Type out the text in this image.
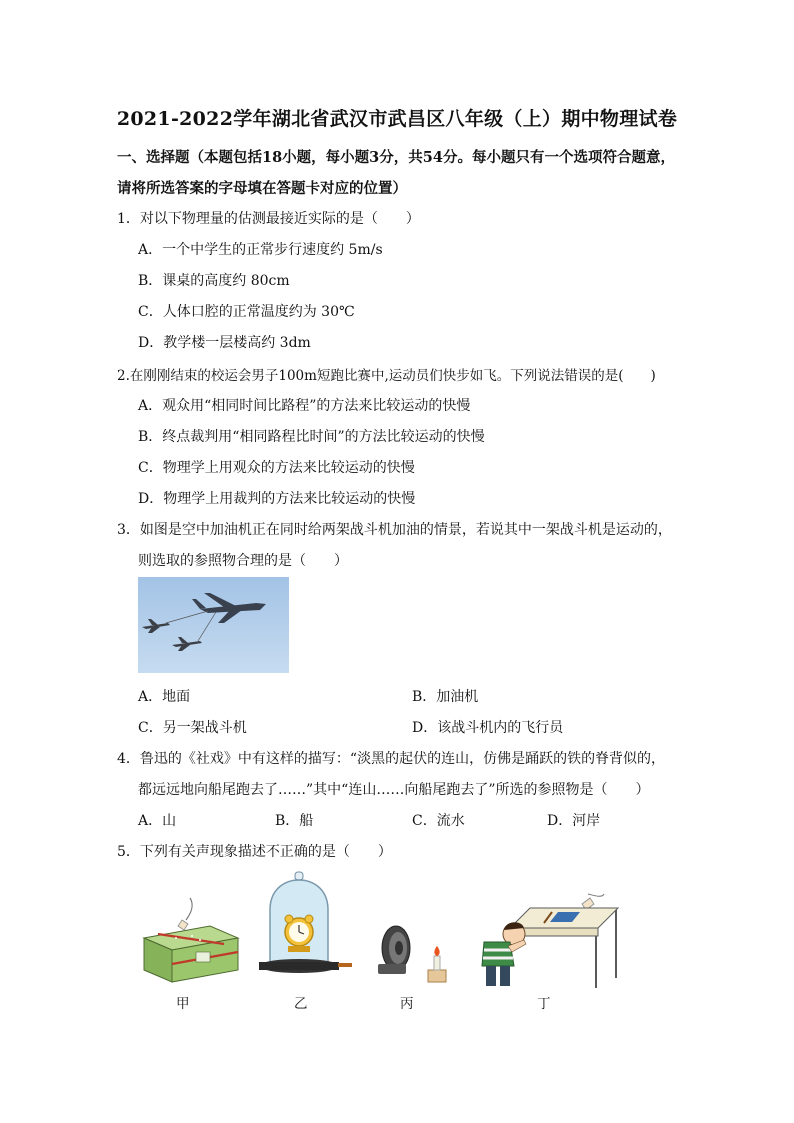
2021-2022学年湖北省武汉市武昌区八年级（上）期中物理试卷
一、选择题（本题包括18小题，每小题3分，共54分。每小题只有一个选项符合题意，
请将所选答案的字母填在答题卡对应的位置）
1．对以下物理量的估测最接近实际的是（　　）
A．一个中学生的正常步行速度约 5m/s
B．课桌的高度约 80cm
C．人体口腔的正常温度约为 30℃
D．教学楼一层楼高约 3dm
2.在刚刚结束的校运会男子100m短跑比赛中,运动员们快步如飞。下列说法错误的是(　　)
A．观众用“相同时间比路程”的方法来比较运动的快慢
B．终点裁判用“相同路程比时间”的方法比较运动的快慢
C．物理学上用观众的方法来比较运动的快慢
D．物理学上用裁判的方法来比较运动的快慢
3．如图是空中加油机正在同时给两架战斗机加油的情景，若说其中一架战斗机是运动的，
则选取的参照物合理的是（　　）
A．地面	B．加油机
C．另一架战斗机	D．该战斗机内的飞行员
4．鲁迅的《社戏》中有这样的描写：“淡黑的起伏的连山，仿佛是踊跃的铁的脊背似的，
都远远地向船尾跑去了……”其中“连山……向船尾跑去了”所选的参照物是（　　）
A．山	B．船	C．流水	D．河岸
5．下列有关声现象描述不正确的是（　　）
甲	乙	丙	丁
